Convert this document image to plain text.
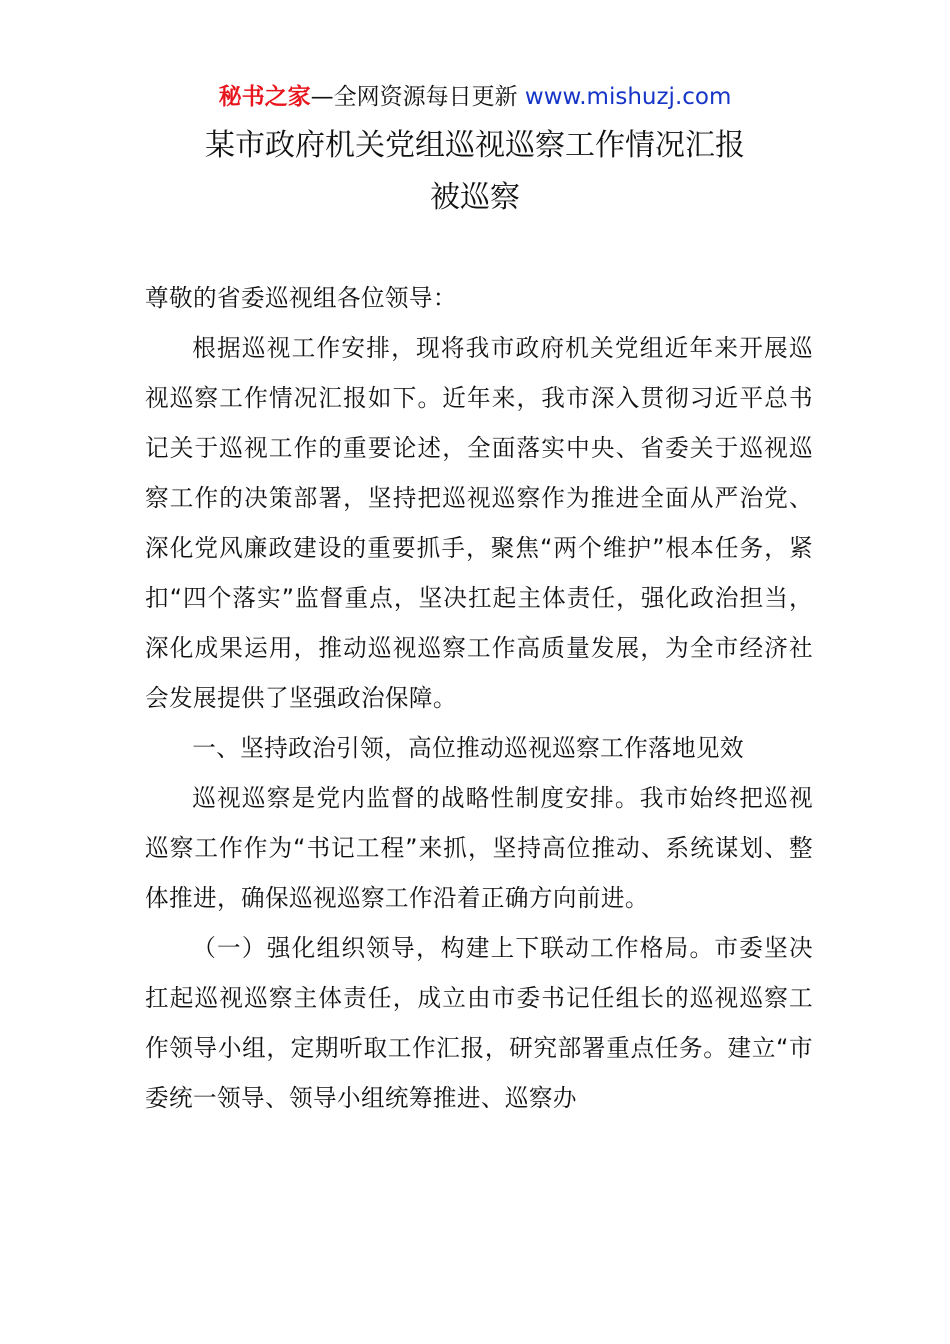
秘书之家—全网资源每日更新 www.mishuzj.com
某市政府机关党组巡视巡察工作情况汇报
被巡察

尊敬的省委巡视组各位领导：

根据巡视工作安排，现将我市政府机关党组近年来开展巡视巡察工作情况汇报如下。近年来，我市深入贯彻习近平总书记关于巡视工作的重要论述，全面落实中央、省委关于巡视巡察工作的决策部署，坚持把巡视巡察作为推进全面从严治党、深化党风廉政建设的重要抓手，聚焦“两个维护”根本任务，紧扣“四个落实”监督重点，坚决扛起主体责任，强化政治担当，深化成果运用，推动巡视巡察工作高质量发展，为全市经济社会发展提供了坚强政治保障。

一、坚持政治引领，高位推动巡视巡察工作落地见效

巡视巡察是党内监督的战略性制度安排。我市始终把巡视巡察工作作为“书记工程”来抓，坚持高位推动、系统谋划、整体推进，确保巡视巡察工作沿着正确方向前进。

（一）强化组织领导，构建上下联动工作格局。市委坚决扛起巡视巡察主体责任，成立由市委书记任组长的巡视巡察工作领导小组，定期听取工作汇报，研究部署重点任务。建立“市委统一领导、领导小组统筹推进、巡察办
